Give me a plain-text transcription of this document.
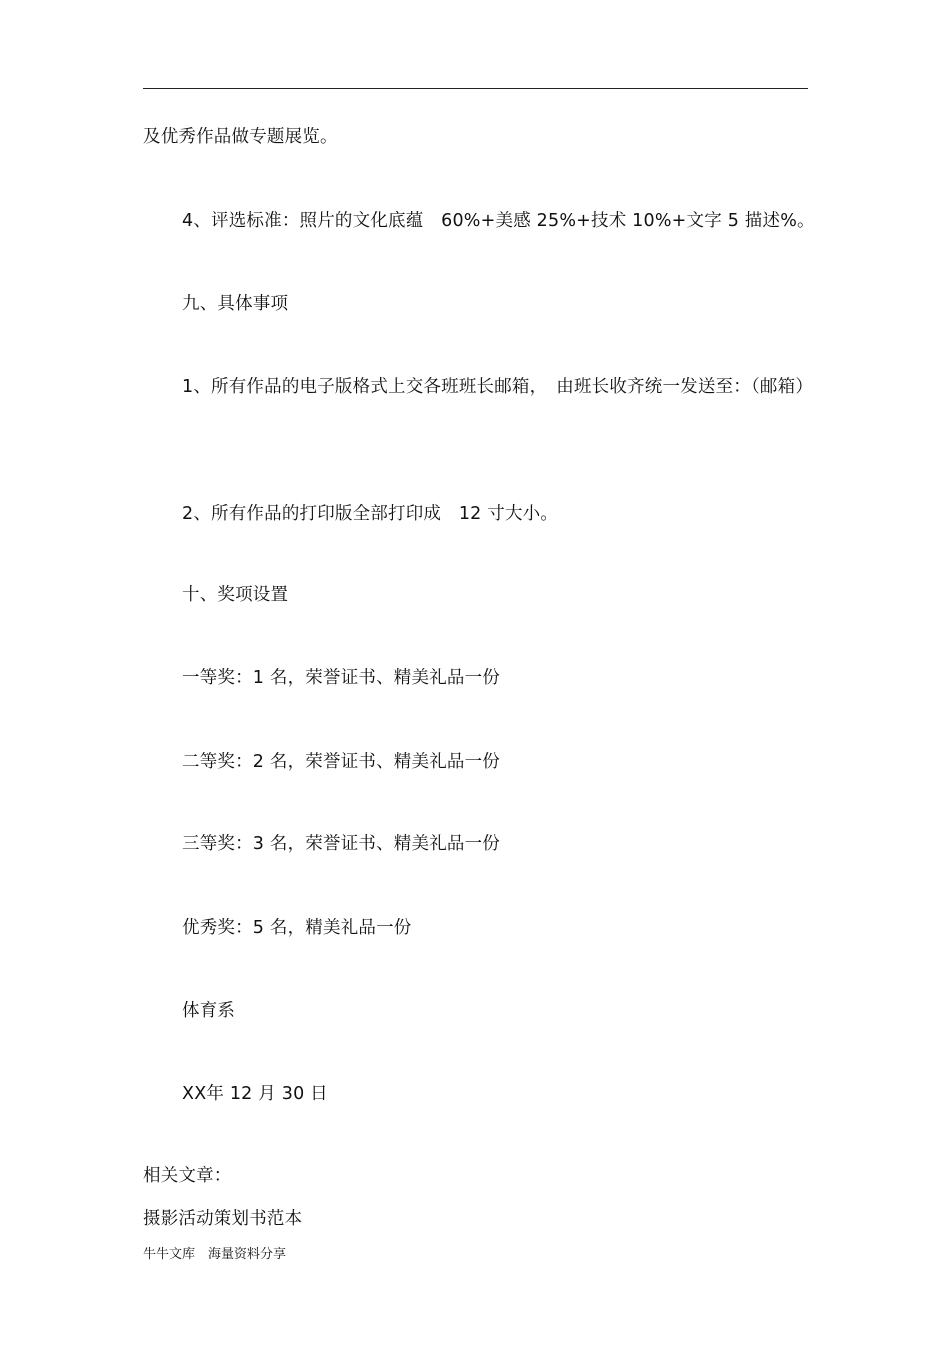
及优秀作品做专题展览。
4、评选标准：照片的文化底蕴　60%+美感 25%+技术 10%+文字 5 描述%。
九、具体事项
1、所有作品的电子版格式上交各班班长邮箱，　由班长收齐统一发送至：（邮箱）
2、所有作品的打印版全部打印成　12 寸大小。
十、奖项设置
一等奖：1 名，荣誉证书、精美礼品一份
二等奖：2 名，荣誉证书、精美礼品一份
三等奖：3 名，荣誉证书、精美礼品一份
优秀奖：5 名，精美礼品一份
体育系
XX年 12 月 30 日
相关文章：
摄影活动策划书范本
牛牛文库　海量资料分享
